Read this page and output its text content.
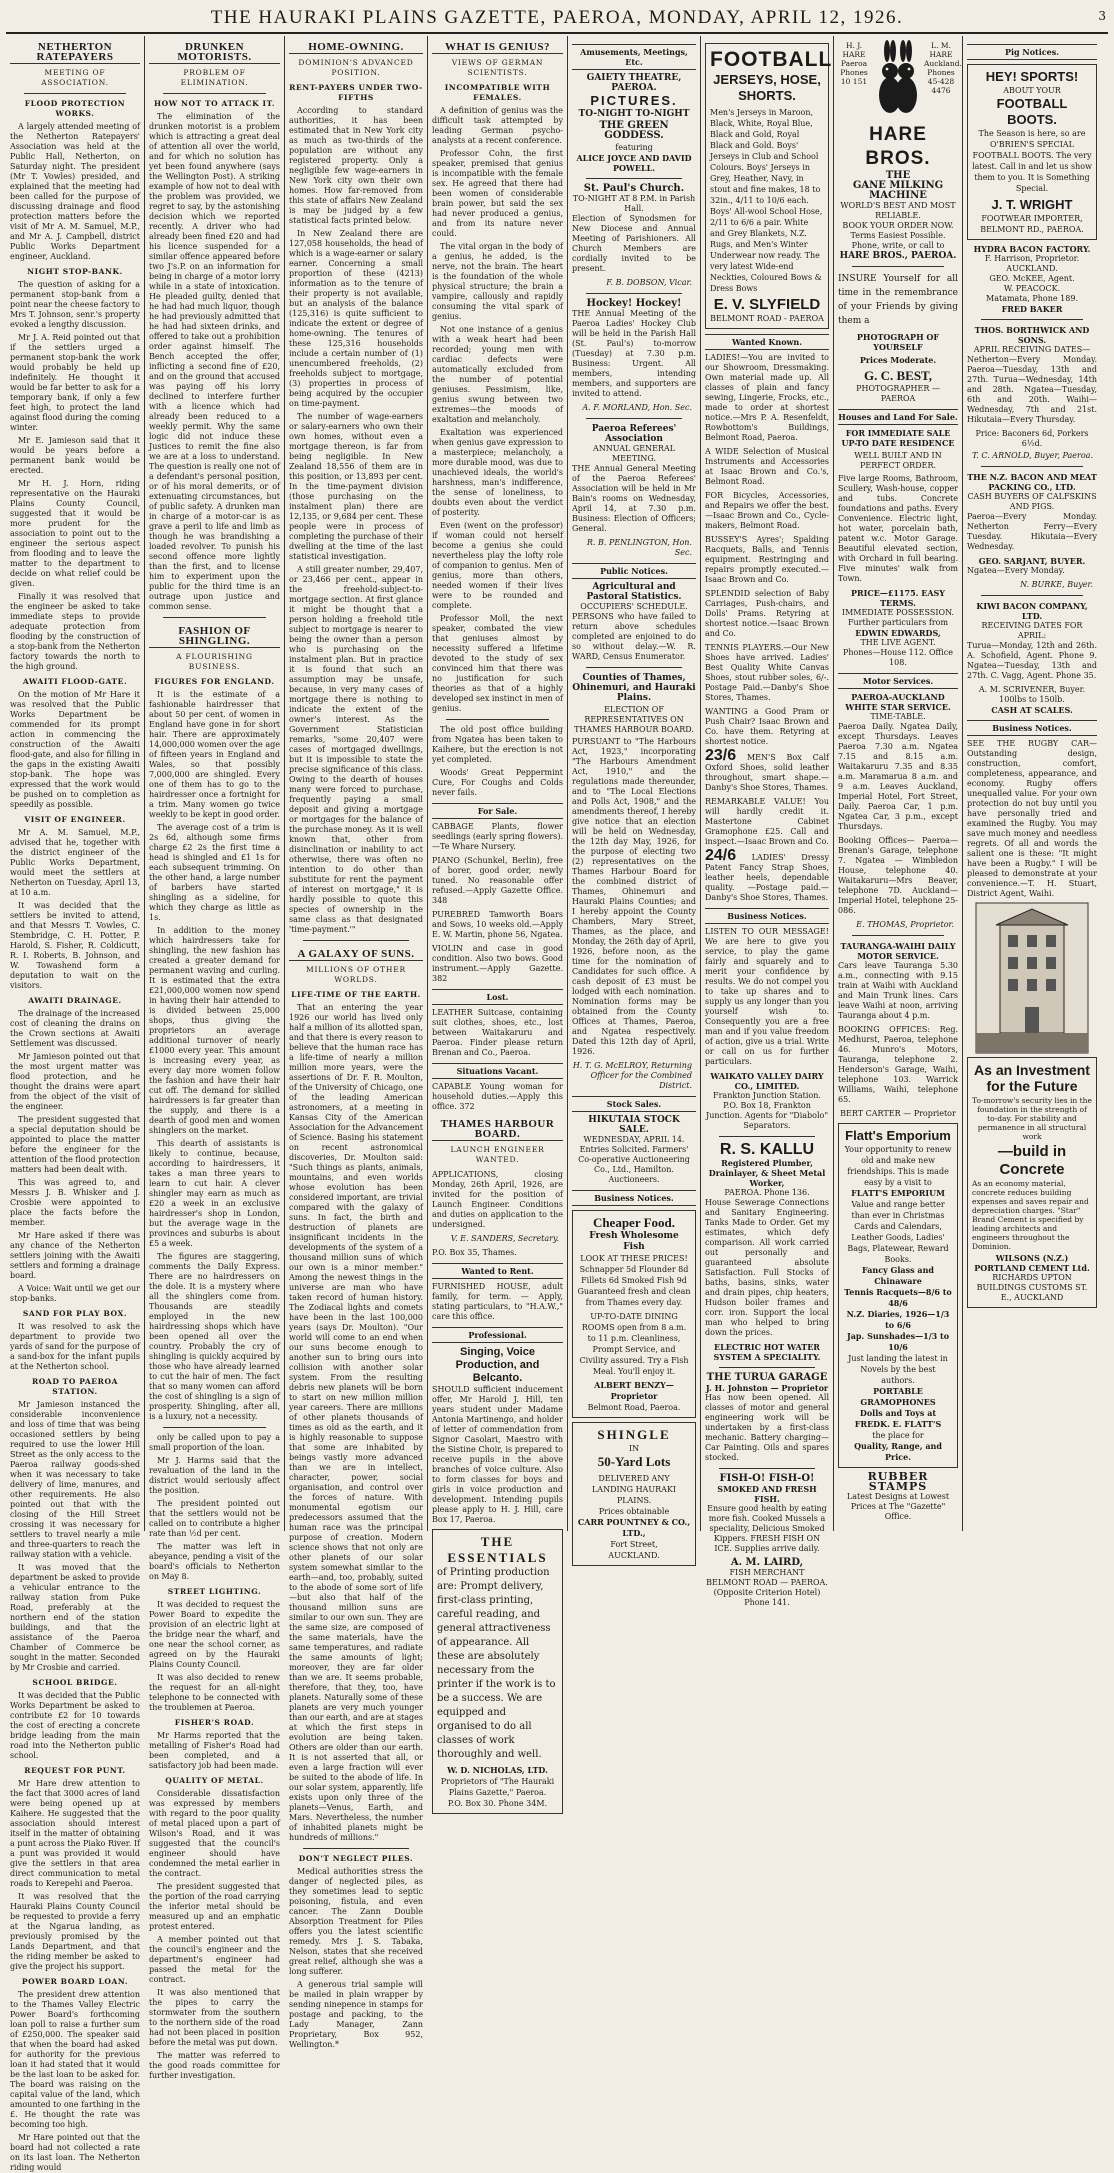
THE HAURAKI PLAINS GAZETTE, PAEROA, MONDAY, APRIL 12, 1926.	3
NETHERTON RATEPAYERS
MEETING OF ASSOCIATION.
FLOOD PROTECTION WORKS.
A largely attended meeting of the Netherton Ratepayers' Association was held at the Public Hall, Netherton, on Saturday night. The president (Mr T. Vowles) presided, and explained that the meeting had been called for the purpose of discussing drainage and flood protection matters before the visit of Mr A. M. Samuel, M.P., and Mr A. J. Campbell, district Public Works Department engineer, Auckland.
NIGHT STOP-BANK.
The question of asking for a permanent stop-bank from a point near the cheese factory to Mrs T. Johnson, senr.'s property evoked a lengthy discussion.
Mr J. A. Reid pointed out that if the settlers urged a permanent stop-bank the work would probably be held up indefinitely. He thought it would be far better to ask for a temporary bank, if only a few feet high, to protect the land against flood during the coming winter.
Mr E. Jamieson said that it would be years before a permanent bank would be erected.
Mr H. J. Horn, riding representative on the Hauraki Plains County Council, suggested that it would be more prudent for the association to point out to the engineer the serious aspect from flooding and to leave the matter to the department to decide on what relief could be given.
Finally it was resolved that the engineer be asked to take immediate steps to provide adequate protection from flooding by the construction of a stop-bank from the Netherton factory towards the north to the high ground.
AWAITI FLOOD-GATE.
On the motion of Mr Hare it was resolved that the Public Works Department be commended for its prompt action in commencing the construction of the Awaiti flood-gate, and also for filling in the gaps in the existing Awaiti stop-bank. The hope was expressed that the work would be pushed on to completion as speedily as possible.
VISIT OF ENGINEER.
Mr A. M. Samuel, M.P., advised that he, together with the district engineer of the Public Works Department, would meet the settlers at Netherton on Tuesday, April 13, at 10 a.m.
It was decided that the settlers be invited to attend, and that Messrs T. Vowles, C. Stembridge, C. H. Potter, P. Harold, S. Fisher, R. Coldicutt, R. I. Roberts, B. Johnson, and W. Towashend form a deputation to wait on the visitors.
AWAITI DRAINAGE.
The drainage of the increased cost of cleaning the drains on the Crown sections at Awaiti Settlement was discussed.
Mr Jamieson pointed out that the most urgent matter was flood protection, and he thought the drains were apart from the object of the visit of the engineer.
The president suggested that a special deputation should be appointed to place the matter before the engineer for the attention of the flood protection matters had been dealt with.
This was agreed to, and Messrs J. B. Whisker and J. Crosbie were appointed to place the facts before the member.
Mr Hare asked if there was any chance of the Netherton settlers joining with the Awaiti settlers and forming a drainage board.
A Voice: Wait until we get our stop-banks.
SAND FOR PLAY BOX.
It was resolved to ask the department to provide two yards of sand for the purpose of a sand-box for the infant pupils at the Netherton school.
ROAD TO PAEROA STATION.
Mr Jamieson instanced the considerable inconvenience and loss of time that was being occasioned settlers by being required to use the lower Hill Street as the only access to the Paeroa railway goods-shed when it was necessary to take delivery of lime, manures, and other requirements. He also pointed out that with the closing of the Hill Street crossing it was necessary for settlers to travel nearly a mile and three-quarters to reach the railway station with a vehicle.
It was moved that the department be asked to provide a vehicular entrance to the railway station from Puke Road, preferably at the northern end of the station buildings, and that the assistance of the Paeroa Chamber of Commerce be sought in the matter. Seconded by Mr Crosbie and carried.
SCHOOL BRIDGE.
It was decided that the Public Works Department be asked to contribute £2 for 10 towards the cost of erecting a concrete bridge leading from the main road into the Netherton public school.
REQUEST FOR PUNT.
Mr Hare drew attention to the fact that 3000 acres of land were being opened up at Kaihere. He suggested that the association should interest itself in the matter of obtaining a punt across the Piako River. If a punt was provided it would give the settlers in that area direct communication to metal roads to Kerepehi and Paeroa.
It was resolved that the Hauraki Plains County Council be requested to provide a ferry at the Ngarua landing, as previously promised by the Lands Department, and that the riding member be asked to give the project his support.
POWER BOARD LOAN.
The president drew attention to the Thames Valley Electric Power Board's forthcoming loan poll to raise a further sum of £250,000. The speaker said that when the board had asked for authority for the previous loan it had stated that it would be the last loan to be asked for. The board was raising on the capital value of the land, which amounted to one farthing in the £. He thought the rate was becoming too high.
Mr Hare pointed out that the board had not collected a rate on its last loan. The Netherton riding would
DRUNKEN MOTORISTS.
PROBLEM OF ELIMINATION.
HOW NOT TO ATTACK IT.
The elimination of the drunken motorist is a problem which is attracting a great deal of attention all over the world, and for which no solution has yet been found anywhere (says the Wellington Post). A striking example of how not to deal with the problem was provided, we regret to say, by the astonishing decision which we reported recently. A driver who had already been fined £20 and had his licence suspended for a similar offence appeared before two J's.P. on an information for being in charge of a motor lorry while in a state of intoxication. He pleaded guilty, denied that he had had much liquor, though he had previously admitted that he had had sixteen drinks, and offered to take out a prohibition order against himself. The Bench accepted the offer, inflicting a second fine of £20, and on the ground that accused was paying off his lorry declined to interfere further with a licence which had already been reduced to a weekly permit. Why the same logic did not induce these Justices to remit the fine also we are at a loss to understand. The question is really one not of a defendant's personal position, or of his moral demerits, or of extenuating circumstances, but of public safety. A drunken man in charge of a motor-car is as grave a peril to life and limb as though he was brandishing a loaded revolver. To punish his second offence more lightly than the first, and to license him to experiment upon the public for the third time is an outrage upon justice and common sense.
FASHION OF SHINGLING.
A FLOURISHING BUSINESS.
FIGURES FOR ENGLAND.
It is the estimate of a fashionable hairdresser that about 50 per cent. of women in England have gone in for short hair. There are approximately 14,000,000 women over the age of fifteen years in England and Wales, so that possibly 7,000,000 are shingled. Every one of them has to go to the hairdresser once a fortnight for a trim. Many women go twice weekly to be kept in good order.
The average cost of a trim is 2s 6d, although some firms charge £2 2s the first time a head is shingled and £1 1s for each subsequent trimming. On the other hand, a large number of barbers have started shingling as a sideline, for which they charge as little as 1s.
In addition to the money which hairdressers take for shingling, the new fashion has created a greater demand for permanent waving and curling. It is estimated that the extra £21,000,000 women now spend in having their hair attended to is divided between 25,000 shops, thus giving the proprietors an average additional turnover of nearly £1000 every year. This amount is increasing every year, as every day more women follow the fashion and have their hair cut off. The demand for skilled hairdressers is far greater than the supply, and there is a dearth of good men and women shinglers on the market.
This dearth of assistants is likely to continue, because, according to hairdressers, it takes a man three years to learn to cut hair. A clever shingler may earn as much as £20 a week in an exclusive hairdresser's shop in London, but the average wage in the provinces and suburbs is about £5 a week.
The figures are staggering, comments the Daily Express. There are no hairdressers on the dole. It is a mystery where all the shinglers come from. Thousands are steadily employed in the new hairdressing shops which have been opened all over the country. Probably the cry of shingling is quickly acquired by those who have already learned to cut the hair of men. The fact that so many women can afford the cost of shingling is a sign of prosperity. Shingling, after all, is a luxury, not a necessity.
only be called upon to pay a small proportion of the loan.
Mr J. Harms said that the revaluation of the land in the district would seriously affect the position.
The president pointed out that the settlers would not be called on to contribute a higher rate than ½d per cent.
The matter was left in abeyance, pending a visit of the board's officials to Netherton on May 8.
STREET LIGHTING.
It was decided to request the Power Board to expedite the provision of an electric light at the bridge near the wharf, and one near the school corner, as agreed on by the Hauraki Plains County Council.
It was also decided to renew the request for an all-night telephone to be connected with the troublemen at Paeroa.
FISHER'S ROAD.
Mr Harms reported that the metalling of Fisher's Road had been completed, and a satisfactory job had been made.
QUALITY OF METAL.
Considerable dissatisfaction was expressed by members with regard to the poor quality of metal placed upon a part of Wilson's Road, and it was suggested that the council's engineer should have condemned the metal earlier in the contract.
The president suggested that the portion of the road carrying the inferior metal should be measured up and an emphatic protest entered.
A member pointed out that the council's engineer and the department's engineer had passed the metal for the contract.
It was also mentioned that the pipes to carry the stormwater from the southern to the northern side of the road had not been placed in position before the metal was put down.
The matter was referred to the good roads committee for further investigation.
HOME-OWNING.
DOMINION'S ADVANCED POSITION.
RENT-PAYERS UNDER TWO-FIFTHS
According to standard authorities, it has been estimated that in New York city as much as two-thirds of the population are without any registered property. Only a negligible few wage-earners in New York city own their own homes. How far-removed from this state of affairs New Zealand is may be judged by a few statistical facts printed below.
In New Zealand there are 127,058 households, the head of which is a wage-earner or salary earner. Concerning a small proportion of these (4213) information as to the tenure of their property is not available, but an analysis of the balance (125,316) is quite sufficient to indicate the extent or degree of home-owning. The tenures of these 125,316 households include a certain number of (1) unencumbered freeholds, (2) freeholds subject to mortgage, (3) properties in process of being acquired by the occupier on time-payment.
The number of wage-earners or salary-earners who own their own homes, without even a mortgage thereon, is far from being negligible. In New Zealand 18,556 of them are in this position, or 13,893 per cent. In the time-payment division (those purchasing on the instalment plan) there are 12,135, or 9,684 per cent. These people were in process of completing the purchase of their dwelling at the time of the last statistical investigation.
A still greater number, 29,407, or 23,466 per cent., appear in the freehold-subject-to-mortgage section. At first glance it might be thought that a person holding a freehold title subject to mortgage is nearer to being the owner than a person who is purchasing on the instalment plan. But in practice it is found that such an assumption may be unsafe, because, in very many cases of mortgage there is nothing to indicate the extent of the owner's interest. As the Government Statistician remarks, "some 20,407 were cases of mortgaged dwellings, but it is impossible to state the precise significance of this class. Owing to the dearth of houses many were forced to purchase, frequently paying a small deposit and giving a mortgage or mortgages for the balance of the purchase money. As it is well known that, other from disinclination or inability to act otherwise, there was often no intention to do other than substitute for rent the payment of interest on mortgage," it is hardly possible to quote this species of ownership in the same class as that designated 'time-payment.'"
A GALAXY OF SUNS.
MILLIONS OF OTHER WORLDS.
LIFE-TIME OF THE EARTH.
That an entering the year 1926 our world has lived only half a million of its allotted span, and that there is every reason to believe that the human race has a life-time of nearly a million million more years, were the assertions of Dr. F. R. Moulton, of the University of Chicago, one of the leading American astronomers, at a meeting in Kansas City of the American Association for the Advancement of Science. Basing his statement on recent astronomical discoveries, Dr. Moulton said: "Such things as plants, animals, mountains, and even worlds whose evolution has been considered important, are trivial compared with the galaxy of suns. In fact, the birth and destruction of planets are insignificant incidents in the developments of the system of a thousand million suns of which our own is a minor member." Among the newest things in the universe are man who have taken record of human history. The Zodiacal lights and comets have been in the last 100,000 years (says Dr. Moulton). "Our world will come to an end when our suns become enough to another sun to bring ours into collision with another solar system. From the resulting debris new planets will be born to start on new million million year careers. There are millions of other planets thousands of times as old as the earth, and it is highly reasonable to suppose that some are inhabited by beings vastly more advanced than we are in intellect, character, power, social organisation, and control over the forces of nature. With monumental egotism our predecessors assumed that the human race was the principal purpose of creation. Modern science shows that not only are other planets of our solar system somewhat similar to the earth—and, too, probably, suited to the abode of some sort of life—but also that half of the thousand million suns are similar to our own sun. They are the same size, are composed of the same materials, have the same temperatures, and radiate the same amounts of light; moreover, they are far older than we are. It seems probable, therefore, that they, too, have planets. Naturally some of these planets are very much younger than our earth, and are at stages at which the first steps in evolution are being taken. Others are older than our earth. It is not asserted that all, or even a large fraction will ever be suited to the abode of life. In our solar system, apparently, life exists upon only three of the planets—Venus, Earth, and Mars. Nevertheless, the number of inhabited planets might be hundreds of millions."
DON'T NEGLECT PILES.
Medical authorities stress the danger of neglected piles, as they sometimes lead to septic poisoning, fistula, and even cancer. The Zann Double Absorption Treatment for Piles offers you the latest scientific remedy. Mrs J. S. Tabaka, Nelson, states that she received great relief, although she was a long sufferer.
A generous trial sample will be mailed in plain wrapper by sending ninepence in stamps for postage and packing, to the Lady Manager, Zann Proprietary, Box 952, Wellington.*
WHAT IS GENIUS?
VIEWS OF GERMAN SCIENTISTS.
INCOMPATIBLE WITH FEMALES.
A definition of genius was the difficult task attempted by leading German psycho-analysts at a recent conference.
Professor Cohn, the first speaker, premised that genius is incompatible with the female sex. He agreed that there had been women of considerable brain power, but said the sex had never produced a genius, and from its nature never could.
The vital organ in the body of a genius, he added, is the nerve, not the brain. The heart is the foundation of the whole physical structure; the brain a vampire, callously and rapidly consuming the vital spark of genius.
Not one instance of a genius with a weak heart had been recorded; young men with cardiac defects were automatically excluded from the number of potential geniuses. Pessimism, like, genius swung between two extremes—the moods of exaltation and melancholy.
Exaltation was experienced when genius gave expression to a masterpiece; melancholy, a more durable mood, was due to unachieved ideals, the world's harshness, man's indifference, the sense of loneliness, to doubts even about the verdict of posterity.
Even (went on the professor) if woman could not herself become a genius she could nevertheless play the lofty role of companion to genius. Men of genius, more than others, needed women if their lives were to be rounded and complete.
Professor Moll, the next speaker, combated the view that geniuses almost by necessity suffered a lifetime devoted to the study of sex convinced him that there was no justification for such theories as that of a highly developed sex instinct in men of genius.
The old post office building from Ngatea has been taken to Kaihere, but the erection is not yet completed.
Woods' Great Peppermint Cure, For Coughs and Colds never fails.
For Sale.
CABBAGE Plants, flower seedlings (early spring flowers).—Te Whare Nursery.
PIANO (Schunkel, Berlin), free of borer, good order, newly tuned. No reasonable offer refused.—Apply Gazette Office. 348
PUREBRED Tamworth Boars and Sows, 10 weeks old.—Apply E. W. Martin, phone 56, Ngatea.
VIOLIN and case in good condition. Also two bows. Good instrument.—Apply Gazette. 382
Lost.
LEATHER Suitcase, containing suit clothes, shoes, etc., lost between Waitakaruru and Paeroa. Finder please return Brenan and Co., Paeroa.
Situations Vacant.
CAPABLE Young woman for household duties.—Apply this office. 372
THAMES HARBOUR BOARD.
LAUNCH ENGINEER WANTED.
APPLICATIONS, closing Monday, 26th April, 1926, are invited for the position of Launch Engineer. Conditions and duties on application to the undersigned.
V. E. SANDERS, Secretary.
P.O. Box 35, Thames.
Wanted to Rent.
FURNISHED HOUSE, adult family, for term. — Apply, stating particulars, to "H.A.W.," care this office.
Professional.
Singing, Voice Production, and Belcanto.
SHOULD sufficient inducement offer, Mr Harold J. Hill, ten years student under Madame Antonia Martinengo, and holder of letter of commendation from Signor Casolari, Maestro with the Sistine Choir, is prepared to receive pupils in the above branches of voice culture. Also to form classes for boys and girls in voice production and development. Intending pupils please apply to H. J. Hill, care Box 17, Paeroa.
THE ESSENTIALS
of Printing production are: Prompt delivery, first-class printing, careful reading, and general attractiveness of appearance. All these are absolutely necessary from the printer if the work is to be a success. We are equipped and organised to do all classes of work thoroughly and well.
W. D. NICHOLAS, LTD.
Proprietors of "The Hauraki Plains Gazette," Paeroa.
P.O. Box 30. Phone 34M.
Amusements, Meetings, Etc.
GAIETY THEATRE, PAEROA.
PICTURES.
TO-NIGHT TO-NIGHT
THE GREEN GODDESS.
featuring
ALICE JOYCE AND DAVID POWELL.
St. Paul's Church.
TO-NIGHT AT 8 P.M. in Parish Hall.
Election of Synodsmen for New Diocese and Annual Meeting of Parishioners. All Church Members are cordially invited to be present.
F. B. DOBSON, Vicar.
Hockey! Hockey!
THE Annual Meeting of the Paeroa Ladies' Hockey Club will be held in the Parish Hall (St. Paul's) to-morrow (Tuesday) at 7.30 p.m. Business: Urgent. All members, intending members, and supporters are invited to attend.
A. F. MORLAND, Hon. Sec.
Paeroa Referees' Association
ANNUAL GENERAL MEETING.
THE Annual General Meeting of the Paeroa Referees' Association will be held in Mr Bain's rooms on Wednesday, April 14, at 7.30 p.m. Business: Election of Officers; General.
R. B. PENLINGTON, Hon. Sec.
Public Notices.
Agricultural and Pastoral Statistics.
OCCUPIERS' SCHEDULE.
PERSONS who have failed to return above schedules completed are enjoined to do so without delay.—W. R. WARD, Census Enumerator.
Counties of Thames, Ohinemuri, and Hauraki Plains.
ELECTION OF REPRESENTATIVES ON THAMES HARBOUR BOARD.
PURSUANT to "The Harbours Act, 1923," incorporating "The Harbours Amendment Act, 1910," and the regulations made thereunder, and to "The Local Elections and Polls Act, 1908," and the amendments thereof, I hereby give notice that an election will be held on Wednesday, the 12th day May, 1926, for the purpose of electing two (2) representatives on the Thames Harbour Board for the combined district of Thames, Ohinemuri and Hauraki Plains Counties; and I hereby appoint the County Chambers, Mary Street, Thames, as the place, and Monday, the 26th day of April, 1926, before noon, as the time for the nomination of Candidates for such office. A cash deposit of £3 must be lodged with each nomination. Nomination forms may be obtained from the County Offices at Thames, Paeroa, and Ngatea respectively. Dated this 12th day of April, 1926.
H. T. G. McELROY, Returning Officer for the Combined District.
Stock Sales.
HIKUTAIA STOCK SALE.
WEDNESDAY, APRIL 14.
Entries Solicited. Farmers' Co-operative Auctioneering Co., Ltd., Hamilton. Auctioneers.
Business Notices.
Cheaper Food.
Fresh Wholesome Fish
LOOK AT THESE PRICES!
Schnapper 5d Flounder 8d Fillets 6d Smoked Fish 9d
Guaranteed fresh and clean from Thames every day.
UP-TO-DATE DINING ROOMS open from 8 a.m. to 11 p.m. Cleanliness, Prompt Service, and Civility assured. Try a Fish Meal. You'll enjoy it.
ALBERT BENZY—Proprietor
Belmont Road, Paeroa.
SHINGLE
IN
50-Yard Lots
DELIVERED ANY LANDING HAURAKI PLAINS.
Prices obtainable
CARR POUNTNEY & CO., LTD.,
Fort Street,
AUCKLAND.
FOOTBALL
JERSEYS, HOSE, SHORTS.
Men's Jerseys in Maroon, Black, White, Royal Blue, Black and Gold, Royal Black and Gold. Boys' Jerseys in Club and School Colours. Boys' Jerseys in Grey, Heather, Navy, in stout and fine makes, 18 to 32in., 4/11 to 10/6 each. Boys' All-wool School Hose, 2/11 to 6/6 a pair. White and Grey Blankets, N.Z. Rugs, and Men's Winter Underwear now ready. The very latest Wide-end Neckties, Coloured Bows & Dress Bows
E. V. SLYFIELD
BELMONT ROAD - PAEROA
Wanted Known.
LADIES!—You are invited to our Showroom, Dressmaking. Own material made up. All classes of plain and fancy sewing, Lingerie, Frocks, etc., made to order at shortest notice.—Mrs P. A. Resenfeldt, Rowbottom's Buildings, Belmont Road, Paeroa.
A WIDE Selection of Musical Instruments and Accessories at Isaac Brown and Co.'s, Belmont Road.
FOR Bicycles, Accessories, and Repairs we offer the best.—Isaac Brown and Co., Cycle-makers, Belmont Road.
BUSSEY'S Ayres'; Spalding Racquets, Balls, and Tennis equipment. Restringing and repairs promptly executed.—Isaac Brown and Co.
SPLENDID selection of Baby Carriages, Push-chairs, and Dolls' Prams. Retyring at shortest notice.—Isaac Brown and Co.
TENNIS PLAYERS.—Our New Shoes have arrived. Ladies' Best Quality White Canvas Shoes, stout rubber soles, 6/-. Postage Paid.—Danby's Shoe Stores, Thames.
WANTING a Good Pram or Push Chair? Isaac Brown and Co. have them. Retyring at shortest notice.
23/6 MEN'S Box Calf Oxford Shoes, solid leather throughout, smart shape.—Danby's Shoe Stores, Thames.
REMARKABLE VALUE! You will hardly credit it. Mastertone Cabinet Gramophone £25. Call and inspect.—Isaac Brown and Co.
24/6 LADIES' Dressy Patent Fancy Strap Shoes, leather heels, dependable quality. —Postage paid.—Danby's Shoe Stores, Thames.
Business Notices.
LISTEN TO OUR MESSAGE! We are here to give you service, to play the game fairly and squarely and to merit your confidence by results. We do not compel you to take up shares and to supply us any longer than you yourself wish to. Consequently you are a free man and if you value freedom of action, give us a trial. Write or call on us for further particulars.
WAIKATO VALLEY DAIRY CO., LIMITED.
Frankton Junction Station. P.O. Box 18, Frankton Junction. Agents for "Diabolo" Separators.
R. S. KALLU
Registered Plumber, Drainlayer, & Sheet Metal Worker,
PAEROA. Phone 136.
House Sewerage Connections and Sanitary Engineering. Tanks Made to Order. Get my estimates, which defy comparison. All work carried out personally and guaranteed absolute Satisfaction. Full Stocks of baths, basins, sinks, water and drain pipes, chip heaters, Hudson boiler frames and corr. iron. Support the local man who helped to bring down the prices.
ELECTRIC HOT WATER SYSTEM A SPECIALITY.
THE TURUA GARAGE
J. H. Johnston — Proprietor
Has now been opened. All classes of motor and general engineering work will be undertaken by a first-class mechanic. Battery charging—Car Painting. Oils and spares stocked.
FISH-O! FISH-O!
SMOKED AND FRESH FISH.
Ensure good health by eating more fish. Cooked Mussels a speciality, Delicious Smoked Kippers. FRESH FISH ON ICE. Supplies arrive daily.
A. M. LAIRD,
FISH MERCHANT
BELMONT ROAD — PAEROA. (Opposite Criterion Hotel) Phone 141.
H. J. HARE Paeroa Phones 10 151
L. M. HARE Auckland. Phones 45-428 4476
HARE BROS.
THE
GANE MILKING MACHINE
WORLD'S BEST AND MOST RELIABLE.
BOOK YOUR ORDER NOW. Terms Easiest Possible. Phone, write, or call to
HARE BROS., PAEROA.
INSURE Yourself for all time in the remembrance of your Friends by giving them a
PHOTOGRAPH OF YOURSELF
Prices Moderate.
G. C. BEST,
PHOTOGRAPHER — PAEROA
Houses and Land For Sale.
FOR IMMEDIATE SALE
UP-TO DATE RESIDENCE
WELL BUILT AND IN PERFECT ORDER.
Five large Rooms, Bathroom, Scullery, Wash-house, copper and tubs. Concrete foundations and paths. Every Convenience. Electric light, hot water, porcelain bath, patent w.c. Motor Garage. Beautiful elevated section, with Orchard in full bearing. Five minutes' walk from Town.
PRICE—£1175. EASY TERMS.
IMMEDIATE POSSESSION.
Further particulars from
EDWIN EDWARDS,
THE LIVE AGENT.
Phones—House 112. Office 108.
Motor Services.
PAEROA-AUCKLAND WHITE STAR SERVICE.
TIME-TABLE.
Paeroa Daily. Ngatea Daily, except Thursdays. Leaves Paeroa 7.30 a.m. Ngatea 7.15 and 8.15 a.m. Waitakaruru 7.35 and 8.35 a.m. Maramarua 8 a.m. and 9 a.m. Leaves Auckland, Imperial Hotel, Fort Street, Daily. Paeroa Car, 1 p.m. Ngatea Car, 3 p.m., except Thursdays.
Booking Offices— Paeroa—Brenan's Garage, telephone 7. Ngatea — Wimbledon House, telephone 40. Waitakaruru—Mrs Beaver, telephone 7D. Auckland—Imperial Hotel, telephone 25-086.
E. THOMAS, Proprietor.
TAURANGA-WAIHI DAILY MOTOR SERVICE.
Cars leave Tauranga 5.30 a.m., connecting with 9.15 train at Waihi with Auckland and Main Trunk lines. Cars leave Waihi at noon, arriving Tauranga about 4 p.m.
BOOKING OFFICES: Reg. Medhurst, Paeroa, telephone 46. Munro's Motors, Tauranga, telephone 2. Henderson's Garage, Waihi, telephone 103. Warrick Williams, Waihi, telephone 65.
BERT CARTER — Proprietor
Flatt's Emporium
Your opportunity to renew old and make new friendships. This is made easy by a visit to
FLATT'S EMPORIUM
Value and range better than ever in Christmas Cards and Calendars, Leather Goods, Ladies' Bags, Platewear, Reward Books.
Fancy Glass and Chinaware
Tennis Racquets—8/6 to 48/6
N.Z. Diaries, 1926—1/3 to 6/6
Jap. Sunshades—1/3 to 10/6
Just landing the latest in Novels by the best authors.
PORTABLE GRAMOPHONES
Dolls and Toys at
FREDK. E. FLATT'S
the place for
Quality, Range, and Price.
RUBBER STAMPS
Latest Designs at Lowest Prices at The "Gazette" Office.
Pig Notices.
HEY! SPORTS!
ABOUT YOUR
FOOTBALL BOOTS.
The Season is here, so are O'BRIEN'S SPECIAL FOOTBALL BOOTS. The very latest. Call in and let us show them to you. It is Something Special.
J. T. WRIGHT
FOOTWEAR IMPORTER, BELMONT RD., PAEROA.
HYDRA BACON FACTORY.
F. Harrison, Proprietor.
AUCKLAND.
GEO. McKEE, Agent.
W. PEACOCK.
Matamata, Phone 189.
FRED BAKER
THOS. BORTHWICK AND SONS.
APRIL RECEIVING DATES—
Netherton—Every Monday. Paeroa—Tuesday, 13th and 27th. Turua—Wednesday, 14th and 28th. Ngatea—Tuesday, 6th and 20th. Waihi—Wednesday, 7th and 21st. Hikutaia—Every Thursday.
Price: Baconers 6d, Porkers 6½d.
T. C. ARNOLD, Buyer, Paeroa.
THE N.Z. BACON AND MEAT PACKING CO., LTD.
CASH BUYERS OF CALFSKINS AND PIGS.
Paeroa—Every Monday. Netherton Ferry—Every Tuesday. Hikutaia—Every Wednesday.
GEO. SARJANT, BUYER.
Ngatea—Every Monday.
N. BURKE, Buyer.
KIWI BACON COMPANY, LTD.
RECEIVING DATES FOR APRIL:
Turua—Monday, 12th and 26th. A. Schofield, Agent. Phone 9. Ngatea—Tuesday, 13th and 27th. C. Vagg, Agent. Phone 35.
A. M. SCRIVENER, Buyer.
100lbs to 150lb.
CASH AT SCALES.
Business Notices.
SEE THE RUGBY CAR—Outstanding design, construction, comfort, completeness, appearance, and economy. Rugby offers unequalled value. For your own protection do not buy until you have personally tried and examined the Rugby. You may save much money and needless regrets. Of all and words the salient one is these: "It might have been a Rugby." I will be pleased to demonstrate at your convenience.—T. H. Stuart, District Agent, Waihi.
As an Investment for the Future
To-morrow's security lies in the foundation in the strength of to-day. For stability and permanence in all structural work
—build in Concrete
As an economy material, concrete reduces building expenses and saves repair and depreciation charges. "Star" Brand Cement is specified by leading architects and engineers throughout the Dominion.
WILSONS (N.Z.) PORTLAND CEMENT Ltd.
RICHARDS UPTON BUILDINGS CUSTOMS ST. E., AUCKLAND
